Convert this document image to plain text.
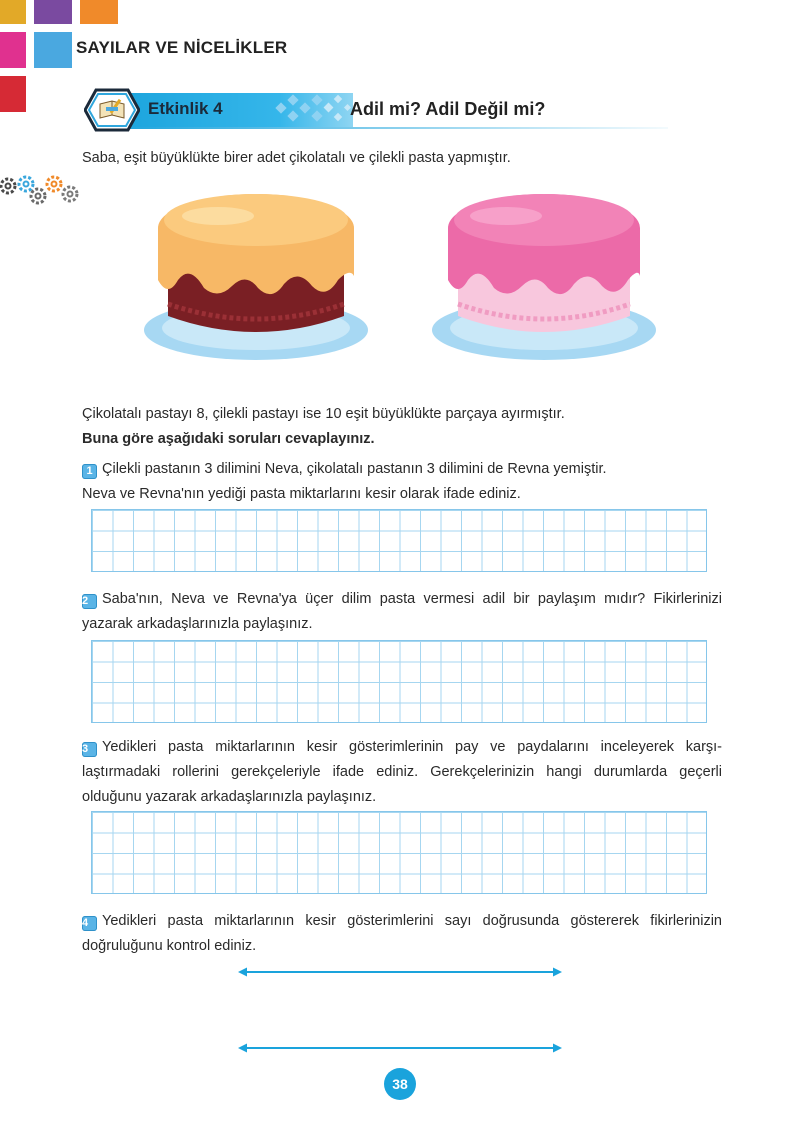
SAYILAR VE NİCELİKLER
Etkinlik 4	Adil mi? Adil Değil mi?
Saba, eşit büyüklükte birer adet çikolatalı ve çilekli pasta yapmıştır.
Çikolatalı pastayı 8, çilekli pastayı ise 10 eşit büyüklükte parçaya ayırmıştır.
Buna göre aşağıdaki soruları cevaplayınız.
1 Çilekli pastanın 3 dilimini Neva, çikolatalı pastanın 3 dilimini de Revna yemiştir.
Neva ve Revna'nın yediği pasta miktarlarını kesir olarak ifade ediniz.
2 Saba'nın, Neva ve Revna'ya üçer dilim pasta vermesi adil bir paylaşım mıdır? Fikirlerinizi
yazarak arkadaşlarınızla paylaşınız.
3 Yedikleri pasta miktarlarının kesir gösterimlerinin pay ve paydalarını inceleyerek karşı-
laştırmadaki rollerini gerekçeleriyle ifade ediniz. Gerekçelerinizin hangi durumlarda geçerli
olduğunu yazarak arkadaşlarınızla paylaşınız.
4 Yedikleri pasta miktarlarının kesir gösterimlerini sayı doğrusunda göstererek fikirlerinizin
doğruluğunu kontrol ediniz.
38
